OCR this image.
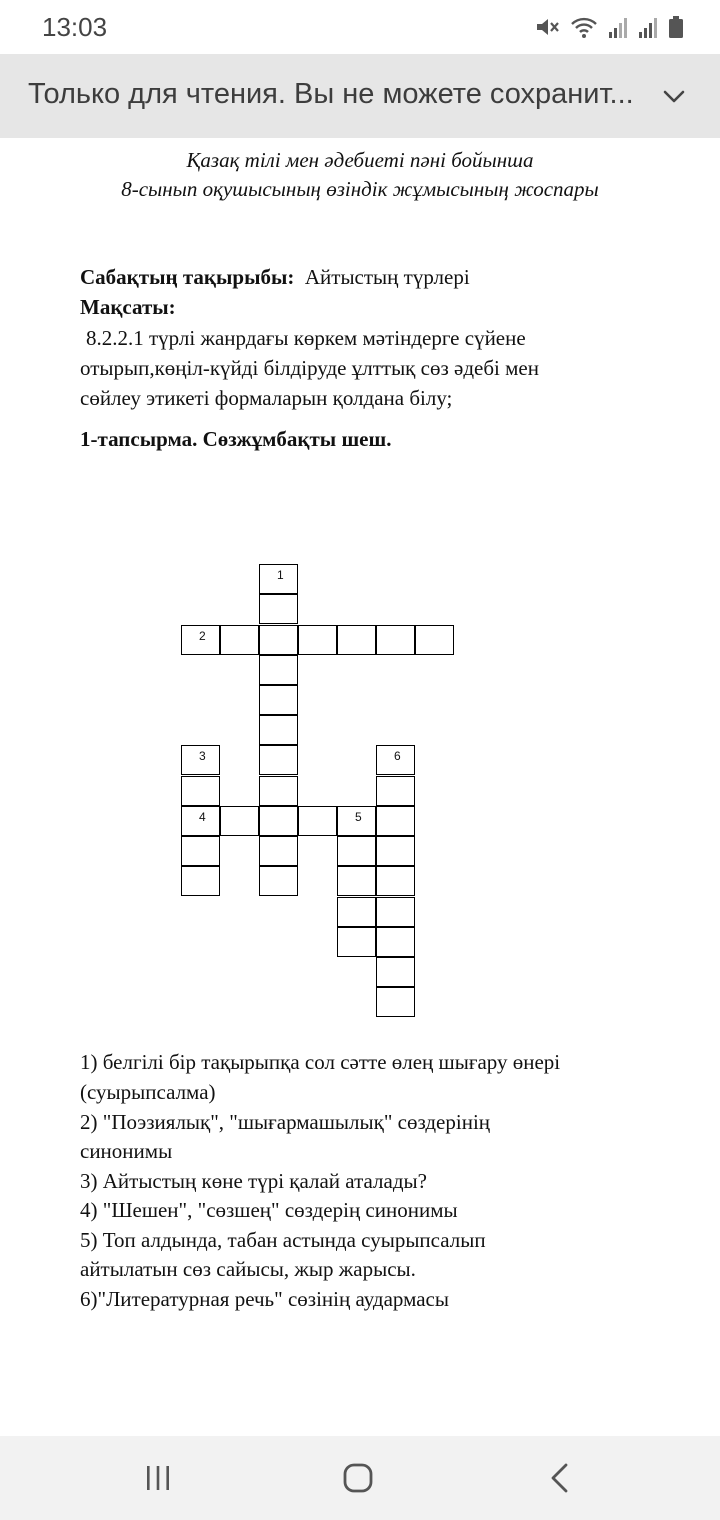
13:03
Только для чтения. Вы не можете сохранит...
Қазақ тілі мен әдебиеті пәні бойынша
8-сынып оқушысының өзіндік жұмысының жоспары
Сабақтың тақырыбы: Айтыстың түрлері
Мақсаты:
8.2.2.1 түрлі жанрдағы көркем мәтіндерге сүйене
отырып,көңіл-күйді білдіруде ұлттық сөз әдебі мен
сөйлеу этикеті формаларын қолдана білу;
1-тапсырма. Сөзжұмбақты шеш.
1
2
3
4	5
6
1) белгілі бір тақырыпқа сол сәтте өлең шығару өнері
(суырыпсалма)
2) "Поэзиялық", "шығармашылық" сөздерінің
синонимы
3) Айтыстың көне түрі қалай аталады?
4) "Шешен", "сөзшең" сөздерің синонимы
5) Топ алдында, табан астында суырыпсалып
айтылатын сөз сайысы, жыр жарысы.
6)"Литературная речь" сөзінің аудармасы
